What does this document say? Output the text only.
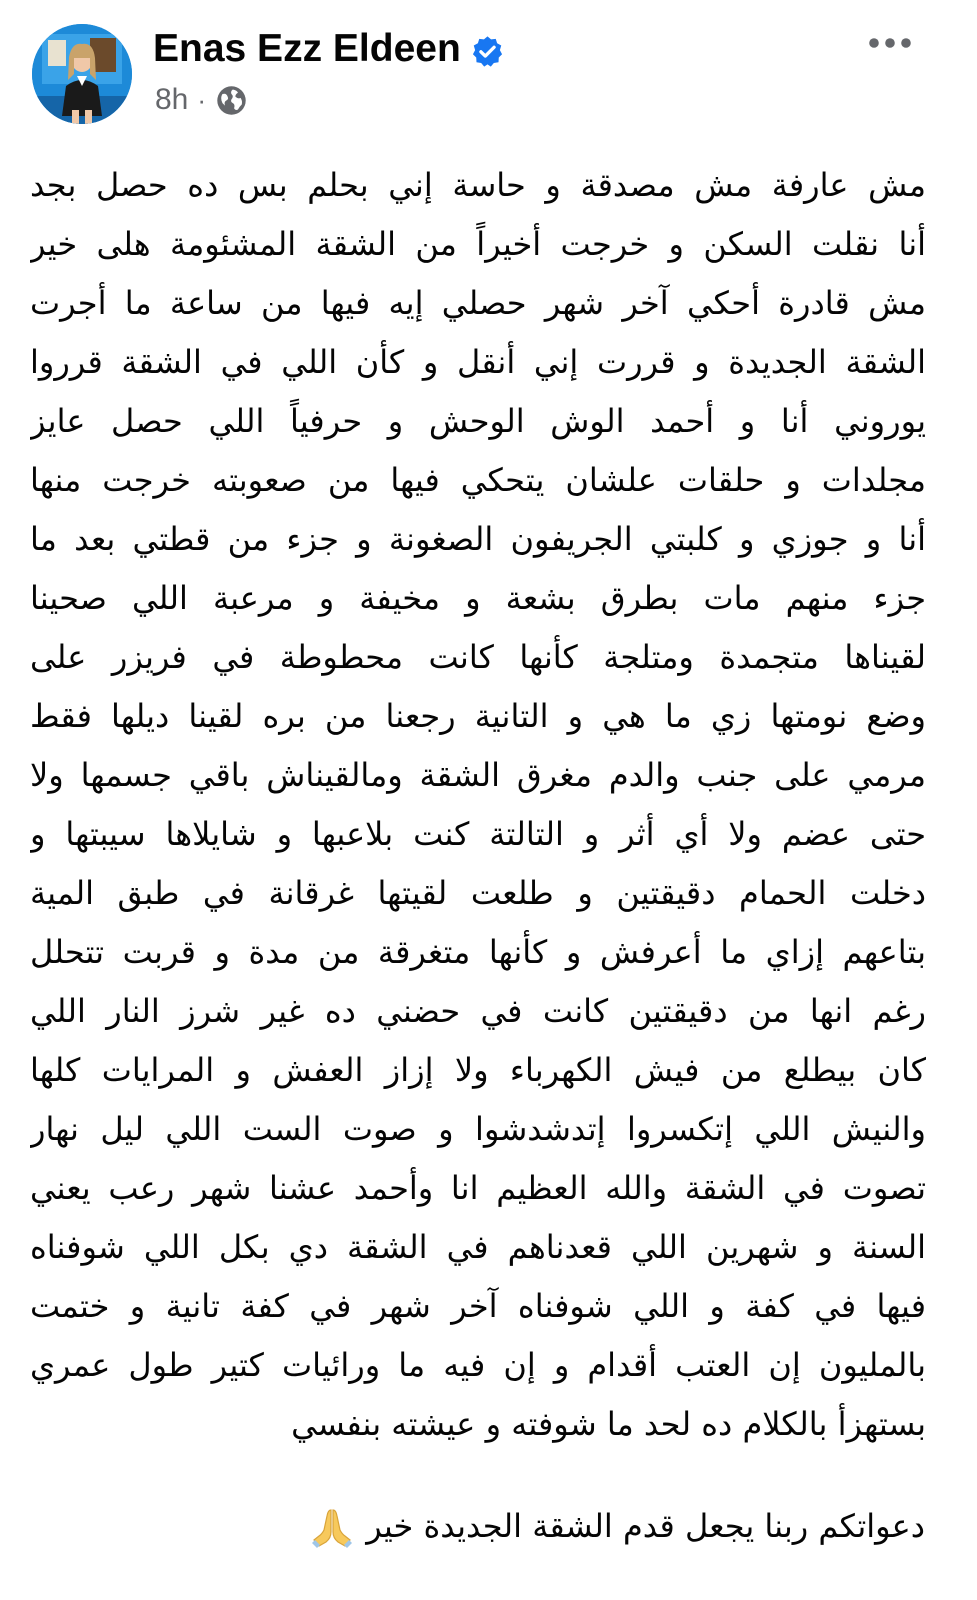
Enas Ezz Eldeen
8h ·
مش عارفة مش مصدقة و حاسة إني بحلم بس ده حصل بجد
أنا نقلت السكن و خرجت أخيراً من الشقة المشئومة هلى خير
مش قادرة أحكي آخر شهر حصلي إيه فيها من ساعة ما أجرت
الشقة الجديدة و قررت إني أنقل و كأن اللي في الشقة قرروا
يوروني أنا و أحمد الوش الوحش و حرفياً اللي حصل عايز
مجلدات و حلقات علشان يتحكي فيها من صعوبته خرجت منها
أنا و جوزي و كلبتي الجريفون الصغونة و جزء من قطتي بعد ما
جزء منهم مات بطرق بشعة و مخيفة و مرعبة اللي صحينا
لقيناها متجمدة ومتلجة كأنها كانت محطوطة في فريزر على
وضع نومتها زي ما هي و التانية رجعنا من بره لقينا ديلها فقط
مرمي على جنب والدم مغرق الشقة ومالقيناش باقي جسمها ولا
حتى عضم ولا أي أثر و التالتة كنت بلاعبها و شايلاها سيبتها و
دخلت الحمام دقيقتين و طلعت لقيتها غرقانة في طبق المية
بتاعهم إزاي ما أعرفش و كأنها متغرقة من مدة و قربت تتحلل
رغم انها من دقيقتين كانت في حضني ده غير شرز النار اللي
كان بيطلع من فيش الكهرباء ولا إزاز العفش و المرايات كلها
والنيش اللي إتكسروا إتدشدشوا و صوت الست اللي ليل نهار
تصوت في الشقة والله العظيم انا وأحمد عشنا شهر رعب يعني
السنة و شهرين اللي قعدناهم في الشقة دي بكل اللي شوفناه
فيها في كفة و اللي شوفناه آخر شهر في كفة تانية و ختمت
بالمليون إن العتب أقدام و إن فيه ما ورائيات كتير طول عمري
بستهزأ بالكلام ده لحد ما شوفته و عيشته بنفسي
دعواتكم ربنا يجعل قدم الشقة الجديدة خير
